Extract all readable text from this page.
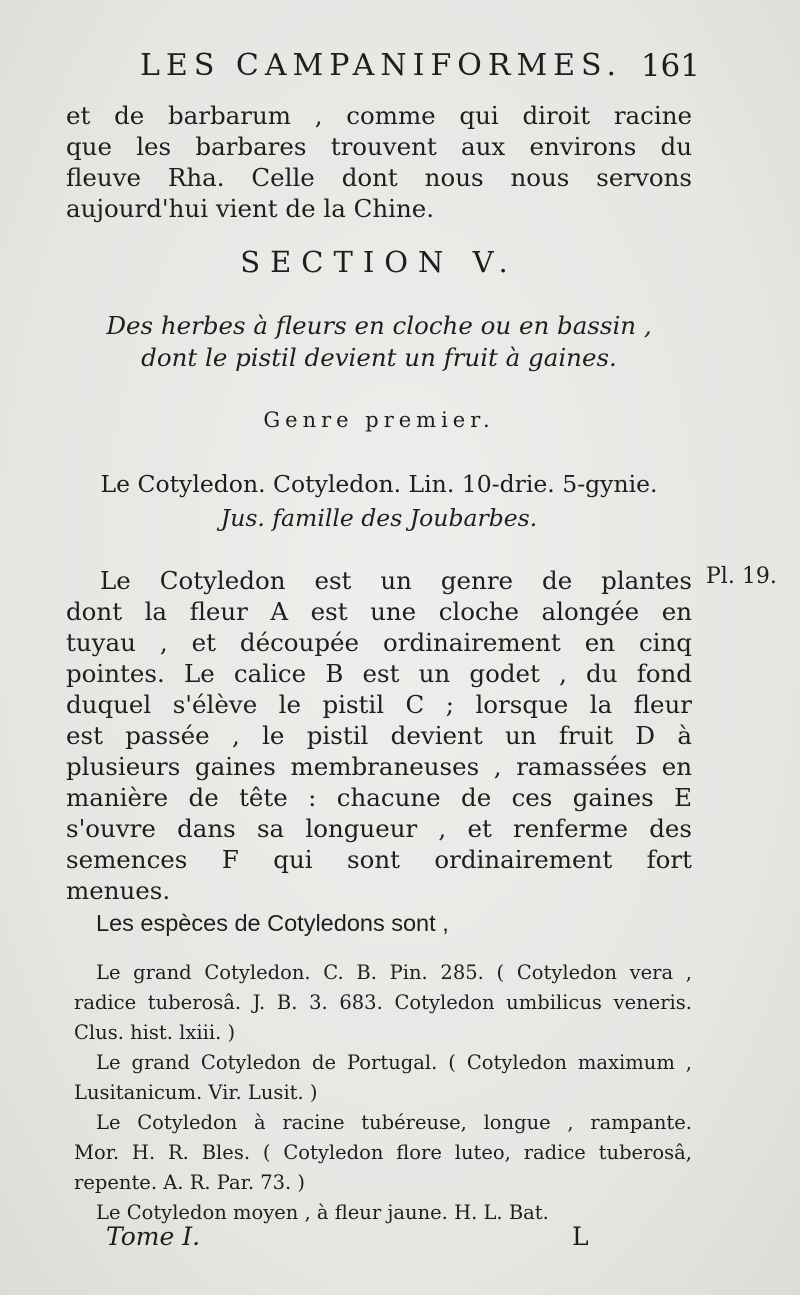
LES CAMPANIFORMES. 161
et de barbarum , comme qui diroit racine
que les barbares trouvent aux environs du
fleuve Rha. Celle dont nous nous servons
aujourd'hui vient de la Chine.
SECTION V.
Des herbes à fleurs en cloche ou en bassin ,
dont le pistil devient un fruit à gaines.
Genre premier.
Le Cotyledon. Cotyledon. Lin. 10-drie. 5-gynie.
Jus. famille des Joubarbes.
Pl. 19.
Le Cotyledon est un genre de plantes
dont la fleur A est une cloche alongée en
tuyau , et découpée ordinairement en cinq
pointes. Le calice B est un godet , du fond
duquel s'élève le pistil C ; lorsque la fleur
est passée , le pistil devient un fruit D à
plusieurs gaines membraneuses , ramassées en
manière de tête : chacune de ces gaines E
s'ouvre dans sa longueur , et renferme des
semences F qui sont ordinairement fort
menues.
Les espèces de Cotyledons sont ,
Le grand Cotyledon. C. B. Pin. 285. ( Cotyledon vera ,
radice tuberosâ. J. B. 3. 683. Cotyledon umbilicus veneris.
Clus. hist. lxiii. )
Le grand Cotyledon de Portugal. ( Cotyledon maximum ,
Lusitanicum. Vir. Lusit. )
Le Cotyledon à racine tubéreuse, longue , rampante.
Mor. H. R. Bles. ( Cotyledon flore luteo, radice tuberosâ,
repente. A. R. Par. 73. )
Le Cotyledon moyen , à fleur jaune. H. L. Bat.
Tome I.	L
